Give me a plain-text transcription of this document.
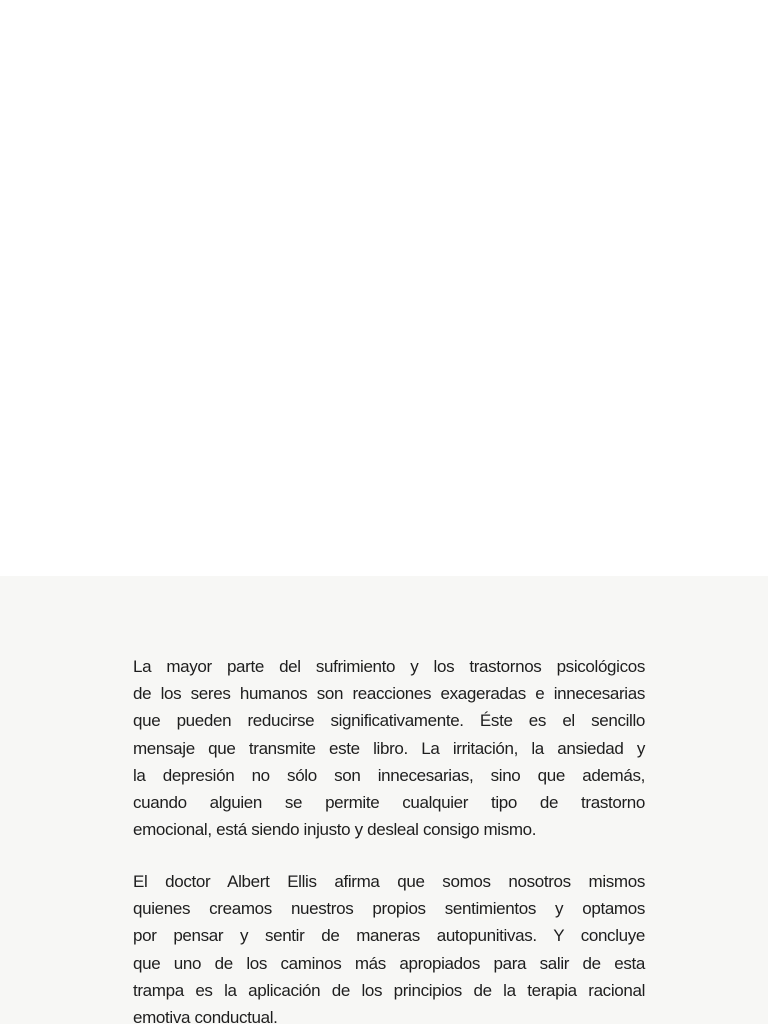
La mayor parte del sufrimiento y los trastornos psicológicos
de los seres humanos son reacciones exageradas e innecesarias
que pueden reducirse significativamente. Éste es el sencillo
mensaje que transmite este libro. La irritación, la ansiedad y
la depresión no sólo son innecesarias, sino que además,
cuando alguien se permite cualquier tipo de trastorno
emocional, está siendo injusto y desleal consigo mismo.
El doctor Albert Ellis afirma que somos nosotros mismos
quienes creamos nuestros propios sentimientos y optamos
por pensar y sentir de maneras autopunitivas. Y concluye
que uno de los caminos más apropiados para salir de esta
trampa es la aplicación de los principios de la terapia racional
emotiva conductual.
